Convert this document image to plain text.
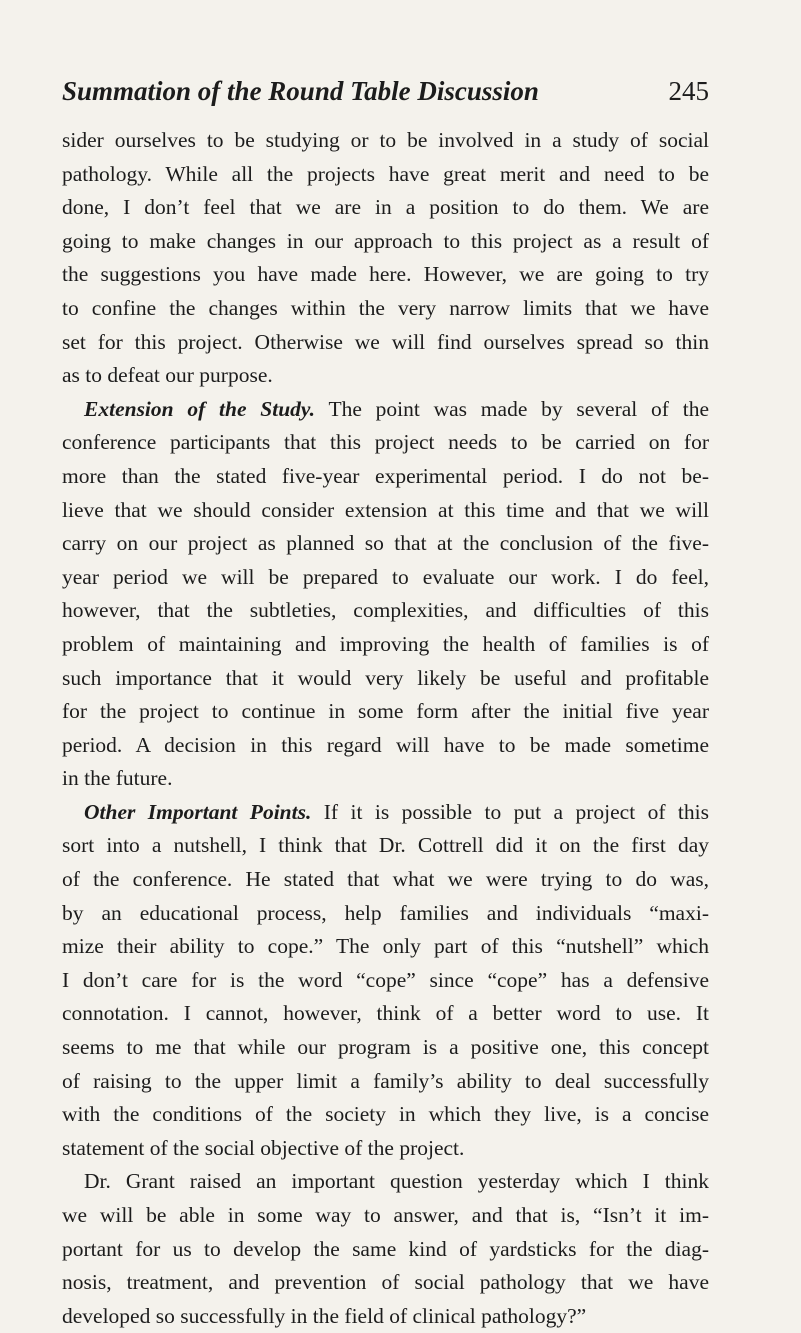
Summation of the Round Table Discussion	245
sider ourselves to be studying or to be involved in a study of social
pathology. While all the projects have great merit and need to be
done, I don’t feel that we are in a position to do them. We are
going to make changes in our approach to this project as a result of
the suggestions you have made here. However, we are going to try
to confine the changes within the very narrow limits that we have
set for this project. Otherwise we will find ourselves spread so thin
as to defeat our purpose.
Extension of the Study. The point was made by several of the
conference participants that this project needs to be carried on for
more than the stated five-year experimental period. I do not be-
lieve that we should consider extension at this time and that we will
carry on our project as planned so that at the conclusion of the five-
year period we will be prepared to evaluate our work. I do feel,
however, that the subtleties, complexities, and difficulties of this
problem of maintaining and improving the health of families is of
such importance that it would very likely be useful and profitable
for the project to continue in some form after the initial five year
period. A decision in this regard will have to be made sometime
in the future.
Other Important Points. If it is possible to put a project of this
sort into a nutshell, I think that Dr. Cottrell did it on the first day
of the conference. He stated that what we were trying to do was,
by an educational process, help families and individuals “maxi-
mize their ability to cope.” The only part of this “nutshell” which
I don’t care for is the word “cope” since “cope” has a defensive
connotation. I cannot, however, think of a better word to use. It
seems to me that while our program is a positive one, this concept
of raising to the upper limit a family’s ability to deal successfully
with the conditions of the society in which they live, is a concise
statement of the social objective of the project.
Dr. Grant raised an important question yesterday which I think
we will be able in some way to answer, and that is, “Isn’t it im-
portant for us to develop the same kind of yardsticks for the diag-
nosis, treatment, and prevention of social pathology that we have
developed so successfully in the field of clinical pathology?”
